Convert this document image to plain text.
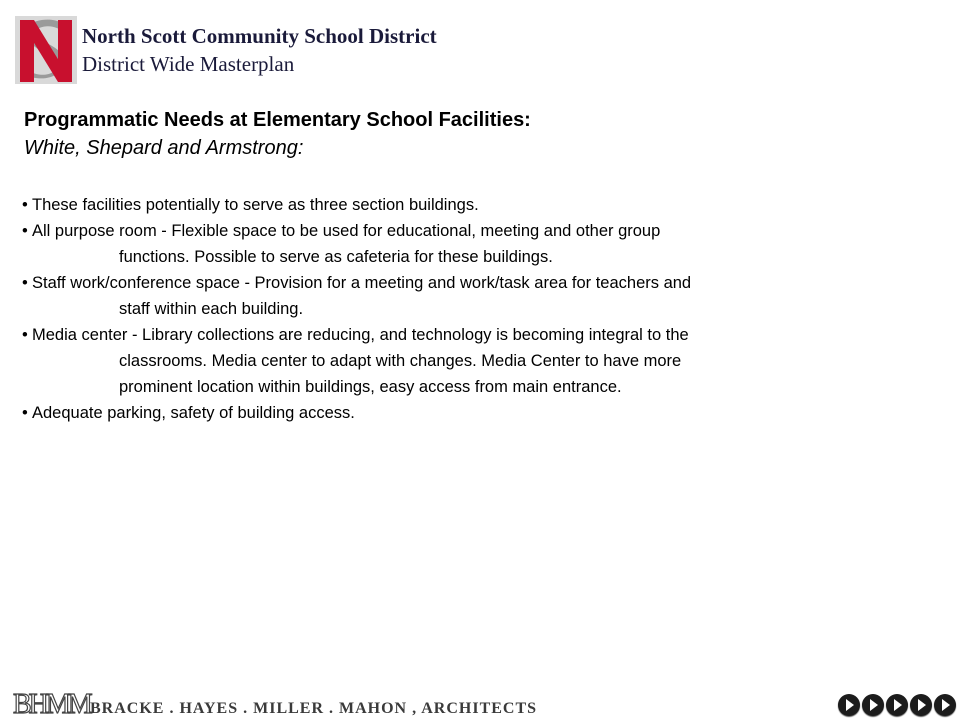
North Scott Community School District
District Wide Masterplan
Programmatic Needs at Elementary School Facilities:
White, Shepard and Armstrong:
• These facilities potentially to serve as three section buildings.
• All purpose room - Flexible space to be used for educational, meeting and other group
functions. Possible to serve as cafeteria for these buildings.
• Staff work/conference space - Provision for a meeting and work/task area for teachers and
staff within each building.
• Media center - Library collections are reducing, and technology is becoming integral to the
classrooms. Media center to adapt with changes. Media Center to have more
prominent location within buildings, easy access from main entrance.
• Adequate parking, safety of building access.
BHMM BRACKE . HAYES . MILLER . MAHON , ARCHITECTS
